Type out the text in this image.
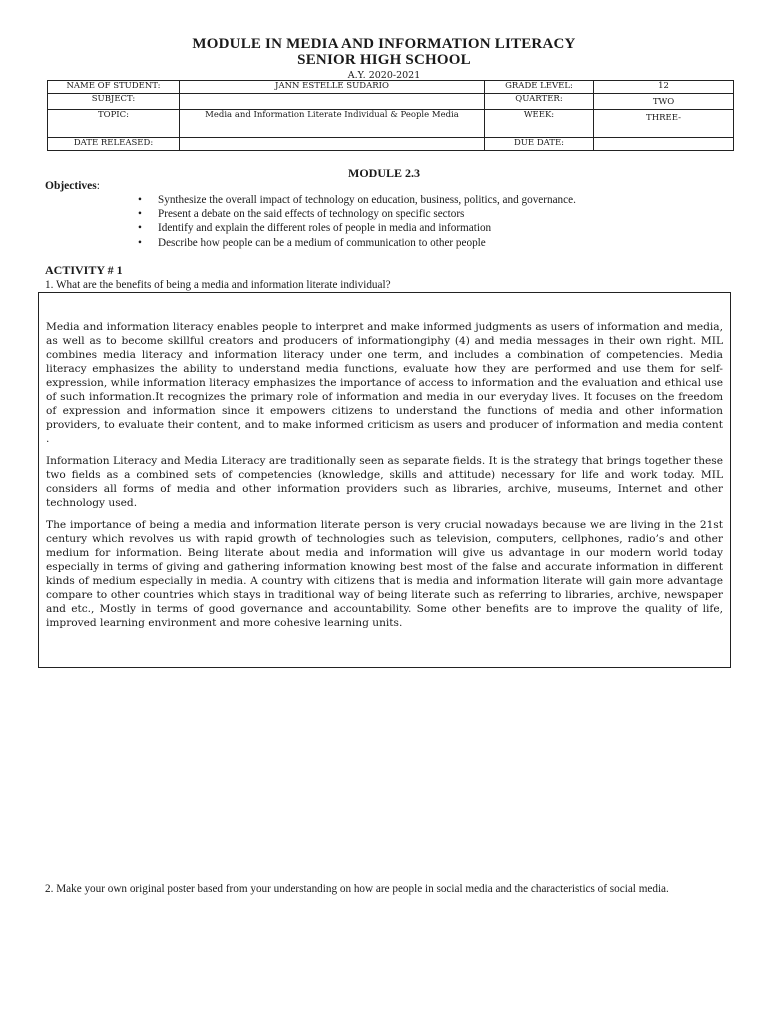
MODULE IN MEDIA AND INFORMATION LITERACY
SENIOR HIGH SCHOOL
A.Y. 2020-2021
NAME OF STUDENT:	JANN ESTELLE SUDARIO	GRADE LEVEL:	12
SUBJECT:		QUARTER:	TWO
TOPIC:	Media and Information Literate Individual & People Media	WEEK:	THREE-
DATE RELEASED:		DUE DATE:	
MODULE 2.3
Objectives:
• Synthesize the overall impact of technology on education, business, politics, and governance.
• Present a debate on the said effects of technology on specific sectors
• Identify and explain the different roles of people in media and information
• Describe how people can be a medium of communication to other people
ACTIVITY # 1
1. What are the benefits of being a media and information literate individual?

Media and information literacy enables people to interpret and make informed judgments as users of information and media, as well as to become skillful creators and producers of informationgiphy (4) and media messages in their own right. MIL combines media literacy and information literacy under one term, and includes a combination of competencies. Media literacy emphasizes the ability to understand media functions, evaluate how they are performed and use them for self-expression, while information literacy emphasizes the importance of access to information and the evaluation and ethical use of such information.It recognizes the primary role of information and media in our everyday lives. It focuses on the freedom of expression and information since it empowers citizens to understand the functions of media and other information providers, to evaluate their content, and to make informed criticism as users and producer of information and media content .

Information Literacy and Media Literacy are traditionally seen as separate fields. It is the strategy that brings together these two fields as a combined sets of competencies (knowledge, skills and attitude) necessary for life and work today. MIL considers all forms of media and other information providers such as libraries, archive, museums, Internet and other technology used.

The importance of being a media and information literate person is very crucial nowadays because we are living in the 21st century which revolves us with rapid growth of technologies such as television, computers, cellphones, radio’s and other medium for information. Being literate about media and information will give us advantage in our modern world today especially in terms of giving and gathering information knowing best most of the false and accurate information in different kinds of medium especially in media. A country with citizens that is media and information literate will gain more advantage compare to other countries which stays in traditional way of being literate such as referring to libraries, archive, newspaper and etc., Mostly in terms of good governance and accountability. Some other benefits are to improve the quality of life, improved learning environment and more cohesive learning units.

2. Make your own original poster based from your understanding on how are people in social media and the characteristics of social media.
